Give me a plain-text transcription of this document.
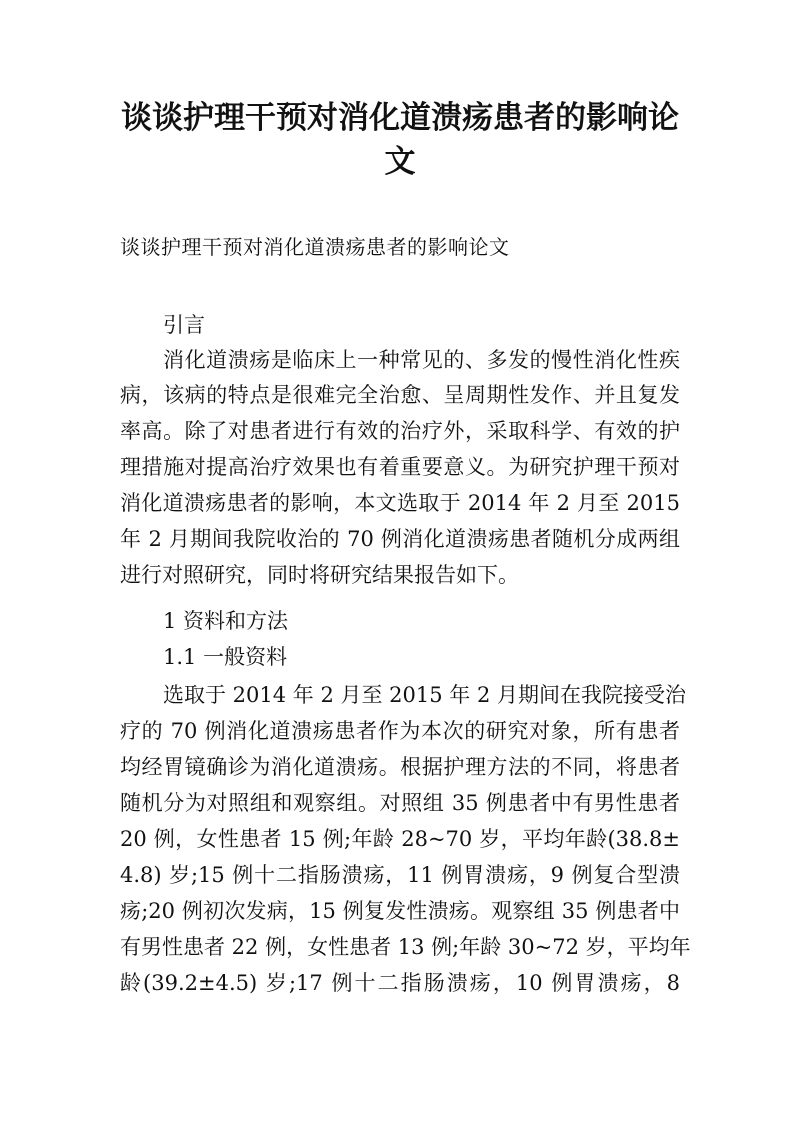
谈谈护理干预对消化道溃疡患者的影响论
文
谈谈护理干预对消化道溃疡患者的影响论文
引言
消化道溃疡是临床上一种常见的、多发的慢性消化性疾
病，该病的特点是很难完全治愈、呈周期性发作、并且复发
率高。除了对患者进行有效的治疗外，采取科学、有效的护
理措施对提高治疗效果也有着重要意义。为研究护理干预对
消化道溃疡患者的影响，本文选取于 2014 年 2 月至 2015
年 2 月期间我院收治的 70 例消化道溃疡患者随机分成两组
进行对照研究，同时将研究结果报告如下。
1 资料和方法
1.1 一般资料
选取于 2014 年 2 月至 2015 年 2 月期间在我院接受治
疗的 70 例消化道溃疡患者作为本次的研究对象，所有患者
均经胃镜确诊为消化道溃疡。根据护理方法的不同，将患者
随机分为对照组和观察组。对照组 35 例患者中有男性患者
20 例，女性患者 15 例;年龄 28~70 岁，平均年龄(38.8±
4.8) 岁;15 例十二指肠溃疡，11 例胃溃疡，9 例复合型溃
疡;20 例初次发病，15 例复发性溃疡。观察组 35 例患者中
有男性患者 22 例，女性患者 13 例;年龄 30~72 岁，平均年
龄(39.2±4.5) 岁;17 例十二指肠溃疡，10 例胃溃疡，8
